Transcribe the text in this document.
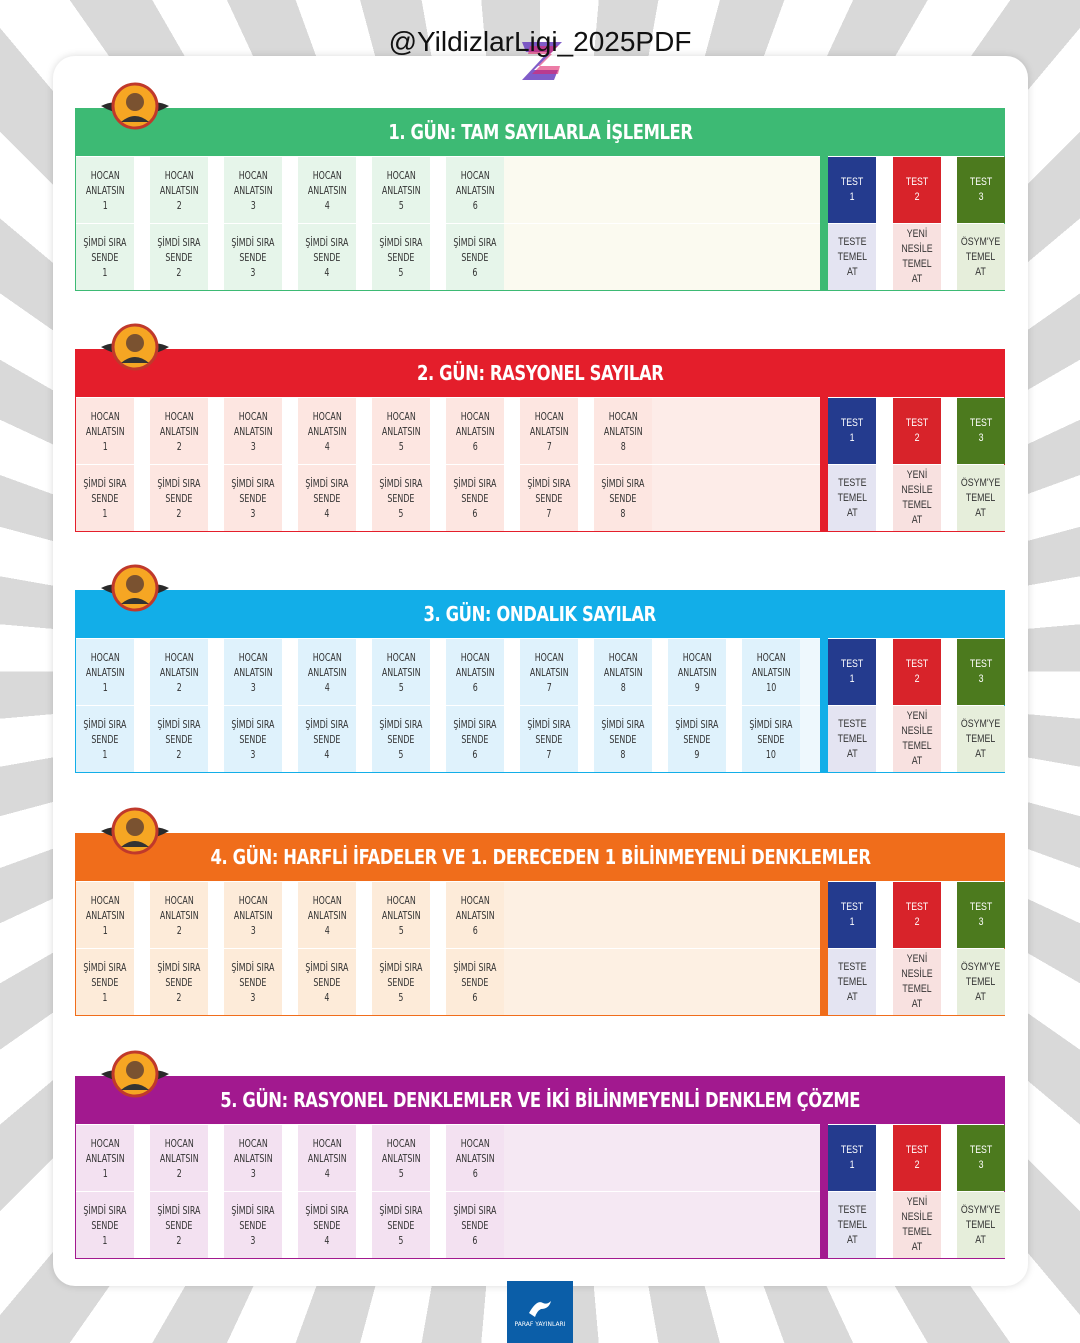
@YildizlarLigi_2025PDF
1. GÜN: TAM SAYILARLA İŞLEMLER
HOCAN
ANLATSIN
1
HOCAN
ANLATSIN
2
HOCAN
ANLATSIN
3
HOCAN
ANLATSIN
4
HOCAN
ANLATSIN
5
HOCAN
ANLATSIN
6
ŞİMDİ SIRA
SENDE
1
ŞİMDİ SIRA
SENDE
2
ŞİMDİ SIRA
SENDE
3
ŞİMDİ SIRA
SENDE
4
ŞİMDİ SIRA
SENDE
5
ŞİMDİ SIRA
SENDE
6
TEST
1
TESTE
TEMEL
AT
TEST
2
YENİ
NESİLE
TEMEL AT
TEST
3
ÖSYM'YE
TEMEL
AT
2. GÜN: RASYONEL SAYILAR
HOCAN
ANLATSIN
1
HOCAN
ANLATSIN
2
HOCAN
ANLATSIN
3
HOCAN
ANLATSIN
4
HOCAN
ANLATSIN
5
HOCAN
ANLATSIN
6
HOCAN
ANLATSIN
7
HOCAN
ANLATSIN
8
ŞİMDİ SIRA
SENDE
1
ŞİMDİ SIRA
SENDE
2
ŞİMDİ SIRA
SENDE
3
ŞİMDİ SIRA
SENDE
4
ŞİMDİ SIRA
SENDE
5
ŞİMDİ SIRA
SENDE
6
ŞİMDİ SIRA
SENDE
7
ŞİMDİ SIRA
SENDE
8
TEST
1
TESTE
TEMEL
AT
TEST
2
YENİ
NESİLE
TEMEL AT
TEST
3
ÖSYM'YE
TEMEL
AT
3. GÜN: ONDALIK SAYILAR
HOCAN
ANLATSIN
1
HOCAN
ANLATSIN
2
HOCAN
ANLATSIN
3
HOCAN
ANLATSIN
4
HOCAN
ANLATSIN
5
HOCAN
ANLATSIN
6
HOCAN
ANLATSIN
7
HOCAN
ANLATSIN
8
HOCAN
ANLATSIN
9
HOCAN
ANLATSIN
10
ŞİMDİ SIRA
SENDE
1
ŞİMDİ SIRA
SENDE
2
ŞİMDİ SIRA
SENDE
3
ŞİMDİ SIRA
SENDE
4
ŞİMDİ SIRA
SENDE
5
ŞİMDİ SIRA
SENDE
6
ŞİMDİ SIRA
SENDE
7
ŞİMDİ SIRA
SENDE
8
ŞİMDİ SIRA
SENDE
9
ŞİMDİ SIRA
SENDE
10
TEST
1
TESTE
TEMEL
AT
TEST
2
YENİ
NESİLE
TEMEL AT
TEST
3
ÖSYM'YE
TEMEL
AT
4. GÜN: HARFLİ İFADELER VE 1. DERECEDEN 1 BİLİNMEYENLİ DENKLEMLER
HOCAN
ANLATSIN
1
HOCAN
ANLATSIN
2
HOCAN
ANLATSIN
3
HOCAN
ANLATSIN
4
HOCAN
ANLATSIN
5
HOCAN
ANLATSIN
6
ŞİMDİ SIRA
SENDE
1
ŞİMDİ SIRA
SENDE
2
ŞİMDİ SIRA
SENDE
3
ŞİMDİ SIRA
SENDE
4
ŞİMDİ SIRA
SENDE
5
ŞİMDİ SIRA
SENDE
6
TEST
1
TESTE
TEMEL
AT
TEST
2
YENİ
NESİLE
TEMEL AT
TEST
3
ÖSYM'YE
TEMEL
AT
5. GÜN: RASYONEL DENKLEMLER VE İKİ BİLİNMEYENLİ DENKLEM ÇÖZME
HOCAN
ANLATSIN
1
HOCAN
ANLATSIN
2
HOCAN
ANLATSIN
3
HOCAN
ANLATSIN
4
HOCAN
ANLATSIN
5
HOCAN
ANLATSIN
6
ŞİMDİ SIRA
SENDE
1
ŞİMDİ SIRA
SENDE
2
ŞİMDİ SIRA
SENDE
3
ŞİMDİ SIRA
SENDE
4
ŞİMDİ SIRA
SENDE
5
ŞİMDİ SIRA
SENDE
6
TEST
1
TESTE
TEMEL
AT
TEST
2
YENİ
NESİLE
TEMEL AT
TEST
3
ÖSYM'YE
TEMEL
AT
PARAF YAYINLARI
